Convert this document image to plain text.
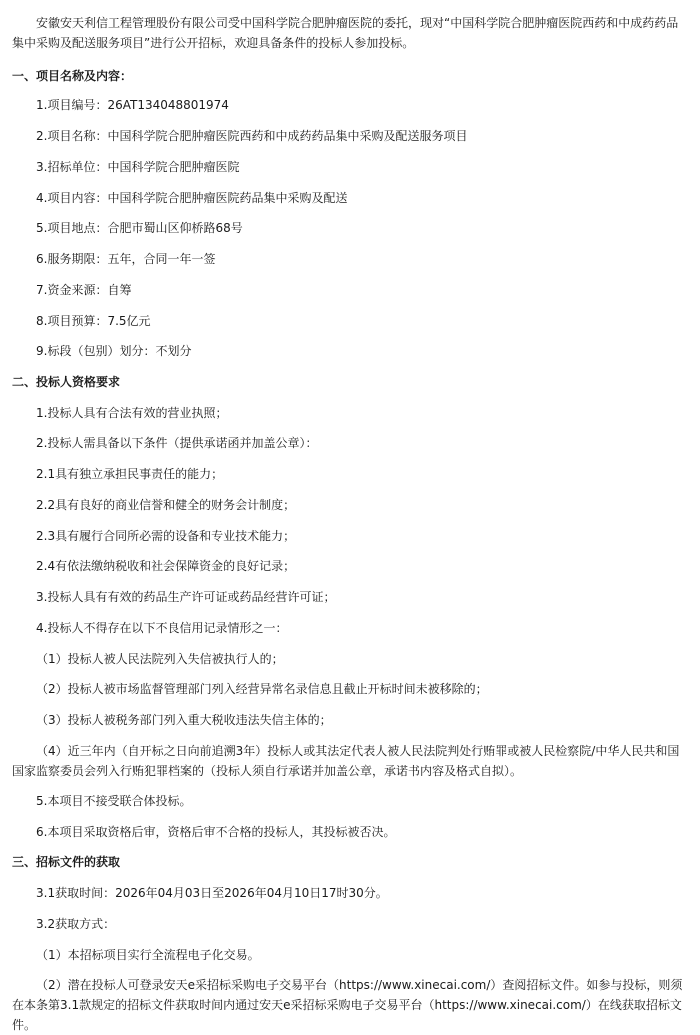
安徽安天利信工程管理股份有限公司受中国科学院合肥肿瘤医院的委托，现对“中国科学院合肥肿瘤医院西药和中成药药品集中采购及配送服务项目”进行公开招标，欢迎具备条件的投标人参加投标。
一、项目名称及内容：
1.项目编号：26AT134048801974
2.项目名称：中国科学院合肥肿瘤医院西药和中成药药品集中采购及配送服务项目
3.招标单位：中国科学院合肥肿瘤医院
4.项目内容：中国科学院合肥肿瘤医院药品集中采购及配送
5.项目地点：合肥市蜀山区仰桥路68号
6.服务期限：五年，合同一年一签
7.资金来源：自筹
8.项目预算：7.5亿元
9.标段（包别）划分：不划分
二、投标人资格要求
1.投标人具有合法有效的营业执照；
2.投标人需具备以下条件（提供承诺函并加盖公章）：
2.1具有独立承担民事责任的能力；
2.2具有良好的商业信誉和健全的财务会计制度；
2.3具有履行合同所必需的设备和专业技术能力；
2.4有依法缴纳税收和社会保障资金的良好记录；
3.投标人具有有效的药品生产许可证或药品经营许可证；
4.投标人不得存在以下不良信用记录情形之一：
（1）投标人被人民法院列入失信被执行人的；
（2）投标人被市场监督管理部门列入经营异常名录信息且截止开标时间未被移除的；
（3）投标人被税务部门列入重大税收违法失信主体的；
（4）近三年内（自开标之日向前追溯3年）投标人或其法定代表人被人民法院判处行贿罪或被人民检察院/中华人民共和国国家监察委员会列入行贿犯罪档案的（投标人须自行承诺并加盖公章，承诺书内容及格式自拟）。
5.本项目不接受联合体投标。
6.本项目采取资格后审，资格后审不合格的投标人，其投标被否决。
三、招标文件的获取
3.1获取时间：2026年04月03日至2026年04月10日17时30分。
3.2获取方式：
（1）本招标项目实行全流程电子化交易。
（2）潜在投标人可登录安天e采招标采购电子交易平台（https://www.xinecai.com/）查阅招标文件。如参与投标，则须在本条第3.1款规定的招标文件获取时间内通过安天e采招标采购电子交易平台（https://www.xinecai.com/）在线获取招标文件。
